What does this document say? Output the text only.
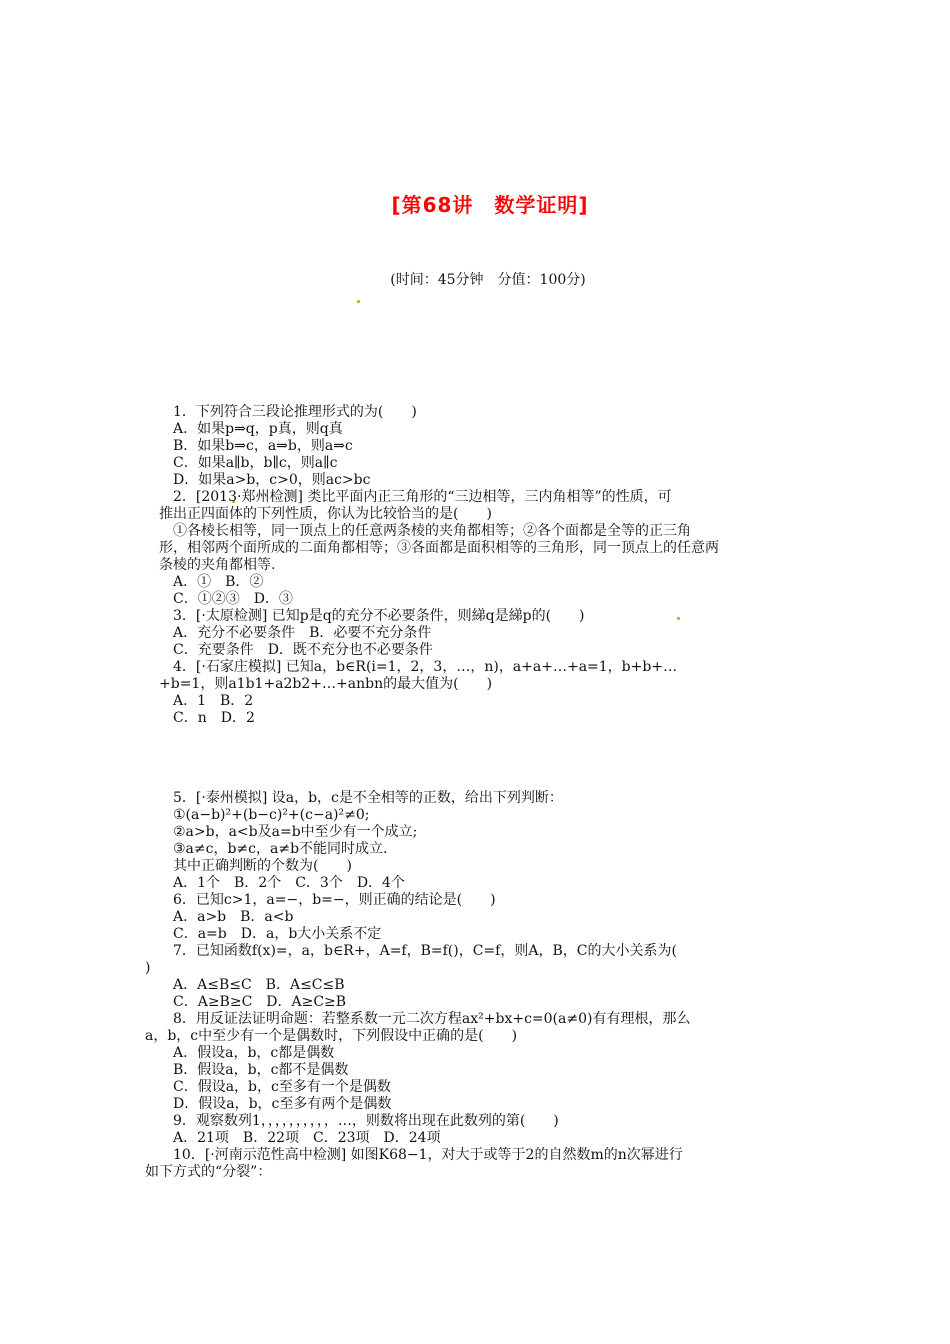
[第68讲　数学证明]
(时间：45分钟　分值：100分)
1．下列符合三段论推理形式的为(　　)
A．如果p⇒q，p真，则q真
B．如果b⇒c，a⇒b，则a⇒c
C．如果a∥b，b∥c，则a∥c
D．如果a>b，c>0，则ac>bc
2．[2013·郑州检测] 类比平面内正三角形的“三边相等，三内角相等”的性质，可
推出正四面体的下列性质，你认为比较恰当的是(　　)
①各棱长相等，同一顶点上的任意两条棱的夹角都相等；②各个面都是全等的正三角
形，相邻两个面所成的二面角都相等；③各面都是面积相等的三角形，同一顶点上的任意两
条棱的夹角都相等.
A．①　B．②
C．①②③　D．③
3．[·太原检测] 已知p是q的充分不必要条件，则綈q是綈p的(　　)
A．充分不必要条件　B．必要不充分条件
C．充要条件　D．既不充分也不必要条件
4．[·石家庄模拟] 已知a，b∈R(i=1，2，3，…，n)，a+a+…+a=1，b+b+…
+b=1，则a1b1+a2b2+…+anbn的最大值为(　　)
A．1　B．2
C．n　D．2
5．[·泰州模拟] 设a，b，c是不全相等的正数，给出下列判断：
①(a−b)²+(b−c)²+(c−a)²≠0;
②a>b，a<b及a=b中至少有一个成立;
③a≠c，b≠c，a≠b不能同时成立.
其中正确判断的个数为(　　)
A．1个　B．2个　C．3个　D．4个
6．已知c>1，a=−，b=−，则正确的结论是(　　)
A．a>b　B．a<b
C．a=b　D．a，b大小关系不定
7．已知函数f(x)=，a，b∈R+，A=f，B=f()，C=f，则A，B，C的大小关系为(
)
A．A≤B≤C　B．A≤C≤B
C．A≥B≥C　D．A≥C≥B
8．用反证法证明命题：若整系数一元二次方程ax²+bx+c=0(a≠0)有有理根，那么
a，b，c中至少有一个是偶数时，下列假设中正确的是(　　)
A．假设a，b，c都是偶数
B．假设a，b，c都不是偶数
C．假设a，b，c至多有一个是偶数
D．假设a，b，c至多有两个是偶数
9．观察数列1，，，，，，，，，，…，则数将出现在此数列的第(　　)
A．21项　B．22项　C．23项　D．24项
10．[·河南示范性高中检测] 如图K68−1，对大于或等于2的自然数m的n次幂进行
如下方式的“分裂”：
